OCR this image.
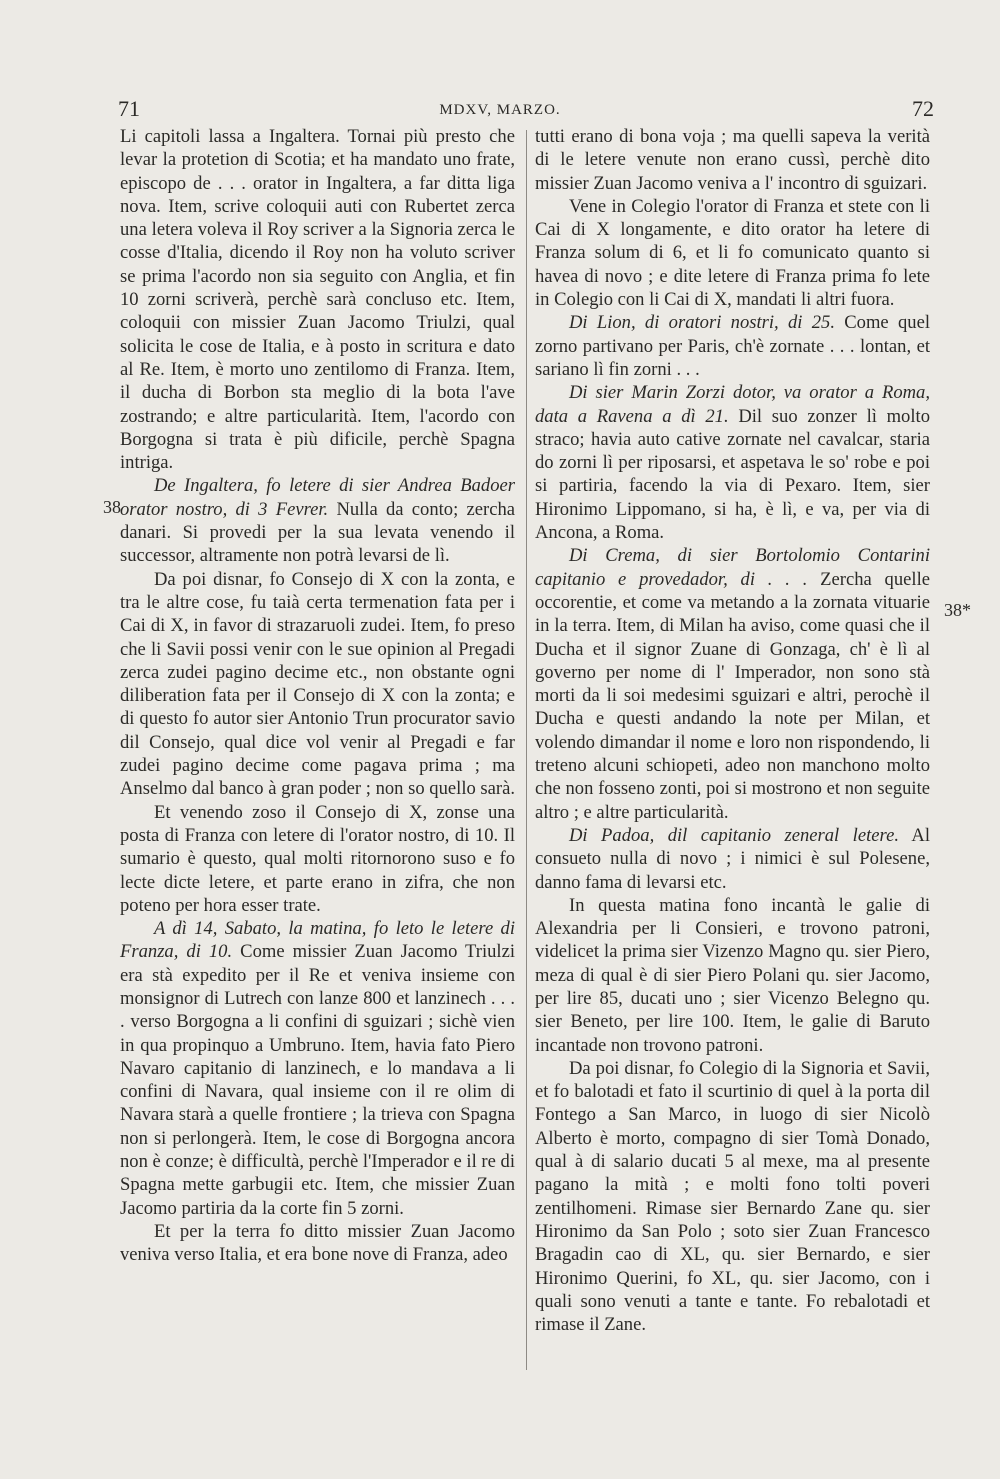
71	MDXV, MARZO.	72
38
38*

Li capitoli lassa a Ingaltera. Tornai più presto che levar la protetion di Scotia; et ha mandato uno frate, episcopo de . . . orator in Ingaltera, a far ditta liga nova. Item, scrive coloquii auti con Rubertet zerca una letera voleva il Roy scriver a la Signoria zerca le cosse d'Italia, dicendo il Roy non ha voluto scriver se prima l'acordo non sia seguito con Anglia, et fin 10 zorni scriverà, perchè sarà concluso etc. Item, coloquii con missier Zuan Jacomo Triulzi, qual solicita le cose de Italia, e à posto in scritura e dato al Re. Item, è morto uno zentilomo di Franza. Item, il ducha di Borbon sta meglio di la bota l'ave zostrando; e altre particularità. Item, l'acordo con Borgogna si trata è più dificile, perchè Spagna intriga.

De Ingaltera, fo letere di sier Andrea Badoer orator nostro, di 3 Fevrer. Nulla da conto; zercha danari. Si provedi per la sua levata venendo il successor, altramente non potrà levarsi de lì.

Da poi disnar, fo Consejo di X con la zonta, e tra le altre cose, fu taià certa termenation fata per i Cai di X, in favor di strazaruoli zudei. Item, fo preso che li Savii possi venir con le sue opinion al Pregadi zerca zudei pagino decime etc., non obstante ogni diliberation fata per il Consejo di X con la zonta; e di questo fo autor sier Antonio Trun procurator savio dil Consejo, qual dice vol venir al Pregadi e far zudei pagino decime come pagava prima ; ma Anselmo dal banco à gran poder ; non so quello sarà.

Et venendo zoso il Consejo di X, zonse una posta di Franza con letere di l'orator nostro, di 10. Il sumario è questo, qual molti ritornorono suso e fo lecte dicte letere, et parte erano in zifra, che non poteno per hora esser trate.

A dì 14, Sabato, la matina, fo leto le letere di Franza, di 10. Come missier Zuan Jacomo Triulzi era stà expedito per il Re et veniva insieme con monsignor di Lutrech con lanze 800 et lanzinech . . . . verso Borgogna a li confini di sguizari ; sichè vien in qua propinquo a Umbruno. Item, havia fato Piero Navaro capitanio di lanzinech, e lo mandava a li confini di Navara, qual insieme con il re olim di Navara starà a quelle frontiere ; la trieva con Spagna non si perlongerà. Item, le cose di Borgogna ancora non è conze; è difficultà, perchè l'Imperador e il re di Spagna mette garbugii etc. Item, che missier Zuan Jacomo partiria da la corte fin 5 zorni.

Et per la terra fo ditto missier Zuan Jacomo veniva verso Italia, et era bone nove di Franza, adeo

tutti erano di bona voja ; ma quelli sapeva la verità di le letere venute non erano cussì, perchè dito missier Zuan Jacomo veniva a l' incontro di sguizari.

Vene in Colegio l'orator di Franza et stete con li Cai di X longamente, e dito orator ha letere di Franza solum di 6, et li fo comunicato quanto si havea di novo ; e dite letere di Franza prima fo lete in Colegio con li Cai di X, mandati li altri fuora.

Di Lion, di oratori nostri, di 25. Come quel zorno partivano per Paris, ch'è zornate . . . lontan, et sariano lì fin zorni . . .

Di sier Marin Zorzi dotor, va orator a Roma, data a Ravena a dì 21. Dil suo zonzer lì molto straco; havia auto cative zornate nel cavalcar, staria do zorni lì per riposarsi, et aspetava le so' robe e poi si partiria, facendo la via di Pexaro. Item, sier Hironimo Lippomano, si ha, è lì, e va, per via di Ancona, a Roma.

Di Crema, di sier Bortolomio Contarini capitanio e provedador, di . . . Zercha quelle occorentie, et come va metando a la zornata vituarie in la terra. Item, di Milan ha aviso, come quasi che il Ducha et il signor Zuane di Gonzaga, ch' è lì al governo per nome di l' Imperador, non sono stà morti da li soi medesimi sguizari e altri, perochè il Ducha e questi andando la note per Milan, et volendo dimandar il nome e loro non rispondendo, li treteno alcuni schiopeti, adeo non manchono molto che non fosseno zonti, poi si mostrono et non seguite altro ; e altre particularità.

Di Padoa, dil capitanio zeneral letere. Al consueto nulla di novo ; i nimici è sul Polesene, danno fama di levarsi etc.

In questa matina fono incantà le galie di Alexandria per li Consieri, e trovono patroni, videlicet la prima sier Vizenzo Magno qu. sier Piero, meza di qual è di sier Piero Polani qu. sier Jacomo, per lire 85, ducati uno ; sier Vicenzo Belegno qu. sier Beneto, per lire 100. Item, le galie di Baruto incantade non trovono patroni.

Da poi disnar, fo Colegio di la Signoria et Savii, et fo balotadi et fato il scurtinio di quel à la porta dil Fontego a San Marco, in luogo di sier Nicolò Alberto è morto, compagno di sier Tomà Donado, qual à di salario ducati 5 al mexe, ma al presente pagano la mità ; e molti fono tolti poveri zentilhomeni. Rimase sier Bernardo Zane qu. sier Hironimo da San Polo ; soto sier Zuan Francesco Bragadin cao di XL, qu. sier Bernardo, e sier Hironimo Querini, fo XL, qu. sier Jacomo, con i quali sono venuti a tante e tante. Fo rebalotadi et rimase il Zane.
